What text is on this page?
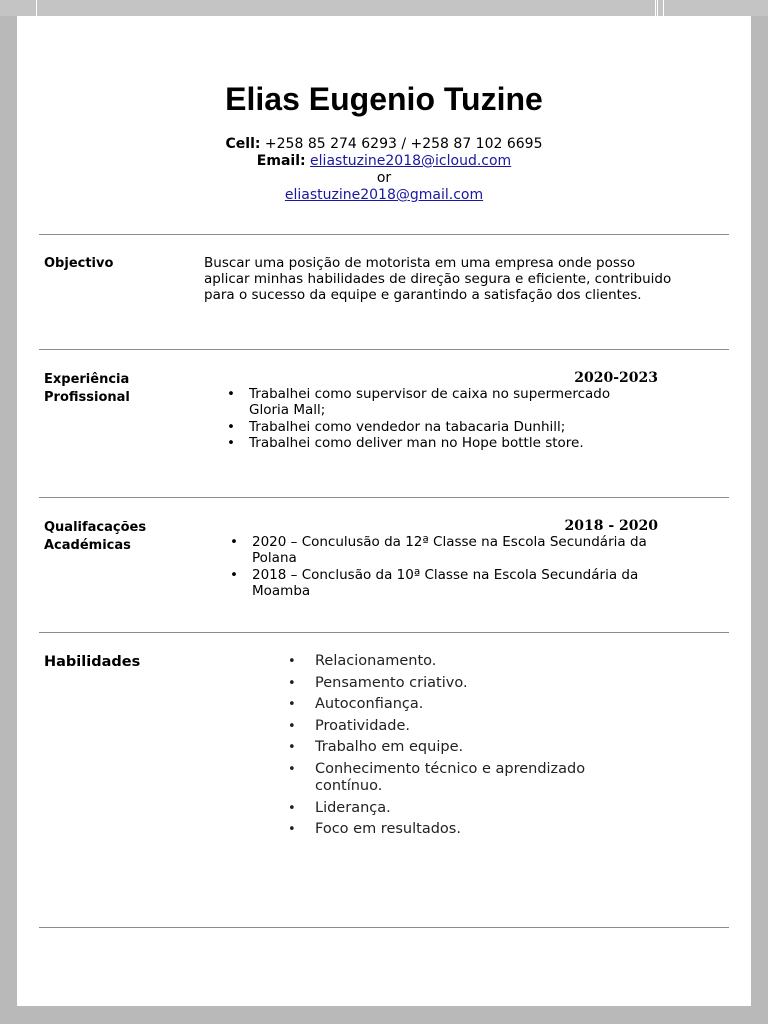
Elias Eugenio Tuzine
Cell: +258 85 274 6293 / +258 87 102 6695
Email: eliastuzine2018@icloud.com
or
eliastuzine2018@gmail.com
Objectivo	Buscar uma posição de motorista em uma empresa onde posso aplicar minhas habilidades de direção segura e eficiente, contribuido para o sucesso da equipe e garantindo a satisfação dos clientes.
Experiência
Profissional
2020-2023
• Trabalhei como supervisor de caixa no supermercado Gloria Mall;
• Trabalhei como vendedor na tabacaria Dunhill;
• Trabalhei como deliver man no Hope bottle store.
Qualifacações
Académicas
2018 - 2020
• 2020 – Conculusão da 12ª Classe na Escola Secundária da Polana
• 2018 – Conclusão da 10ª Classe na Escola Secundária da Moamba
Habilidades
•	Relacionamento.
• Pensamento criativo.
• Autoconfiança.
• Proatividade.
• Trabalho em equipe.
• Conhecimento técnico e aprendizado contínuo.
• Liderança.
• Foco em resultados.
